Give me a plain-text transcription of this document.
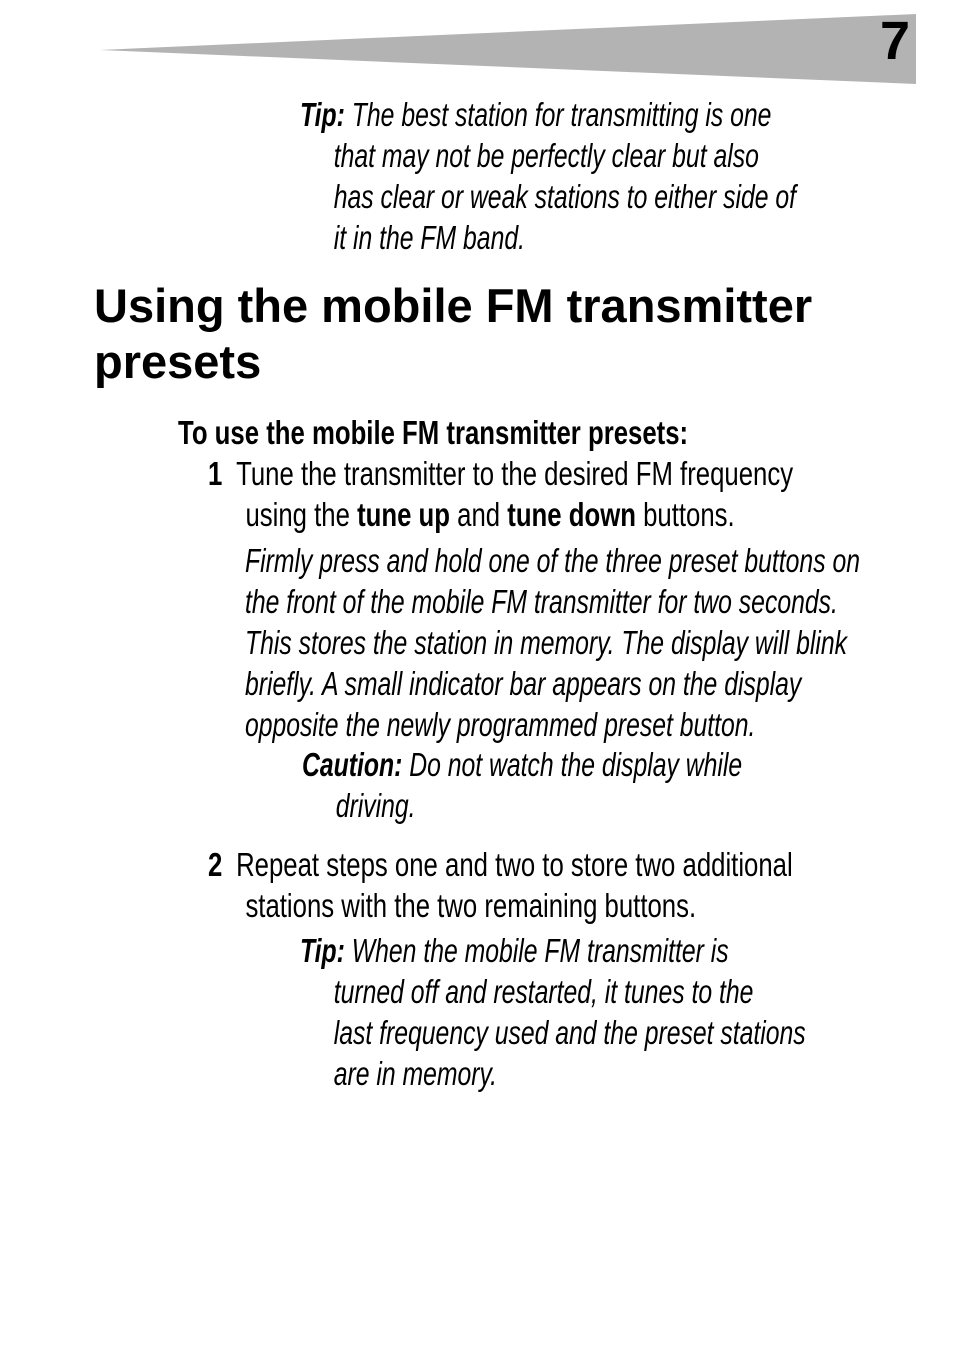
7
Tip: The best station for transmitting is one
that may not be perfectly clear but also
has clear or weak stations to either side of
it in the FM band.
Using the mobile FM transmitter presets
To use the mobile FM transmitter presets:
1 Tune the transmitter to the desired FM frequency
using the tune up and tune down buttons.
Firmly press and hold one of the three preset buttons on
the front of the mobile FM transmitter for two seconds.
This stores the station in memory. The display will blink
briefly. A small indicator bar appears on the display
opposite the newly programmed preset button.
Caution: Do not watch the display while
driving.
2 Repeat steps one and two to store two additional
stations with the two remaining buttons.
Tip: When the mobile FM transmitter is
turned off and restarted, it tunes to the
last frequency used and the preset stations
are in memory.
